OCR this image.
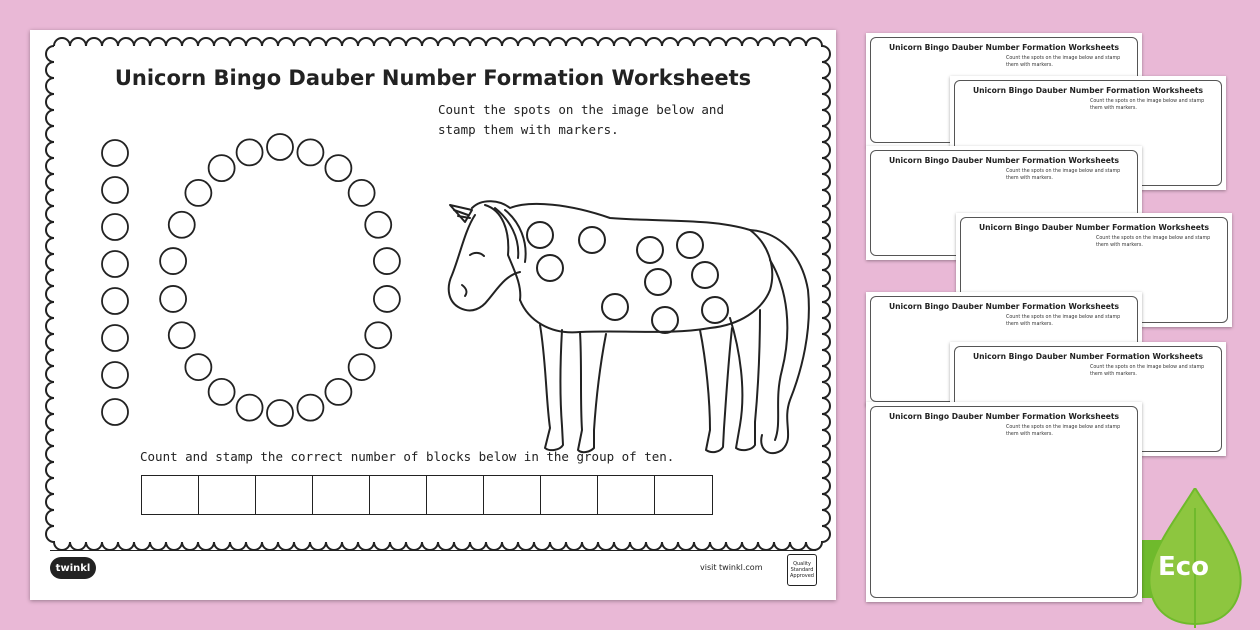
Unicorn Bingo Dauber Number Formation Worksheets
Count the spots on the image below and stamp them with markers.
Count and stamp the correct number of blocks below in the group of ten.
twinkl	visit twinkl.com	Quality Standard Approved
Unicorn Bingo Dauber Number Formation Worksheets
Count the spots on the image below and stamp them with markers.
Unicorn Bingo Dauber Number Formation Worksheets
Count the spots on the image below and stamp them with markers.
Unicorn Bingo Dauber Number Formation Worksheets
Count the spots on the image below and stamp them with markers.
Unicorn Bingo Dauber Number Formation Worksheets
Count the spots on the image below and stamp them with markers.
Unicorn Bingo Dauber Number Formation Worksheets
Count the spots on the image below and stamp them with markers.
Unicorn Bingo Dauber Number Formation Worksheets
Count the spots on the image below and stamp them with markers.
Unicorn Bingo Dauber Number Formation Worksheets
Count the spots on the image below and stamp them with markers.
Eco
